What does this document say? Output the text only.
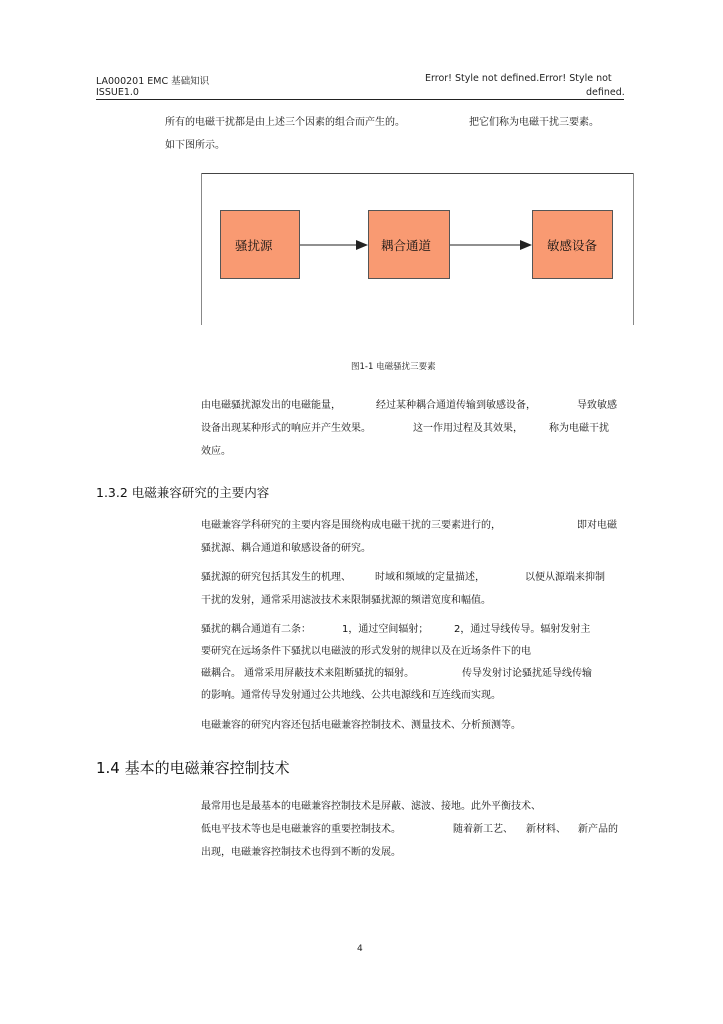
LA000201 EMC 基础知识
ISSUE1.0
Error! Style not defined.Error! Style not
defined.
所有的电磁干扰都是由上述三个因素的组合而产生的。	把它们称为电磁干扰三要素。
如下图所示。
骚扰源	耦合通道	敏感设备
图1-1 电磁骚扰三要素
由电磁骚扰源发出的电磁能量，	经过某种耦合通道传输到敏感设备，	导致敏感
设备出现某种形式的响应并产生效果。	这一作用过程及其效果，	称为电磁干扰
效应。
1.3.2 电磁兼容研究的主要内容
电磁兼容学科研究的主要内容是围绕构成电磁干扰的三要素进行的，	即对电磁
骚扰源、耦合通道和敏感设备的研究。
骚扰源的研究包括其发生的机理、 时域和频域的定量描述，	以便从源端来抑制
干扰的发射，通常采用滤波技术来限制骚扰源的频谱宽度和幅值。
骚扰的耦合通道有二条：	1，通过空间辐射；	2，通过导线传导。辐射发射主
要研究在远场条件下骚扰以电磁波的形式发射的规律以及在近场条件下的电
磁耦合。 通常采用屏蔽技术来阻断骚扰的辐射。	传导发射讨论骚扰延导线传输
的影响。通常传导发射通过公共地线、公共电源线和互连线而实现。
电磁兼容的研究内容还包括电磁兼容控制技术、测量技术、分析预测等。
1.4 基本的电磁兼容控制技术
最常用也是最基本的电磁兼容控制技术是屏蔽、滤波、接地。此外平衡技术、
低电平技术等也是电磁兼容的重要控制技术。	随着新工艺、 新材料、 新产品的
出现，电磁兼容控制技术也得到不断的发展。
4
